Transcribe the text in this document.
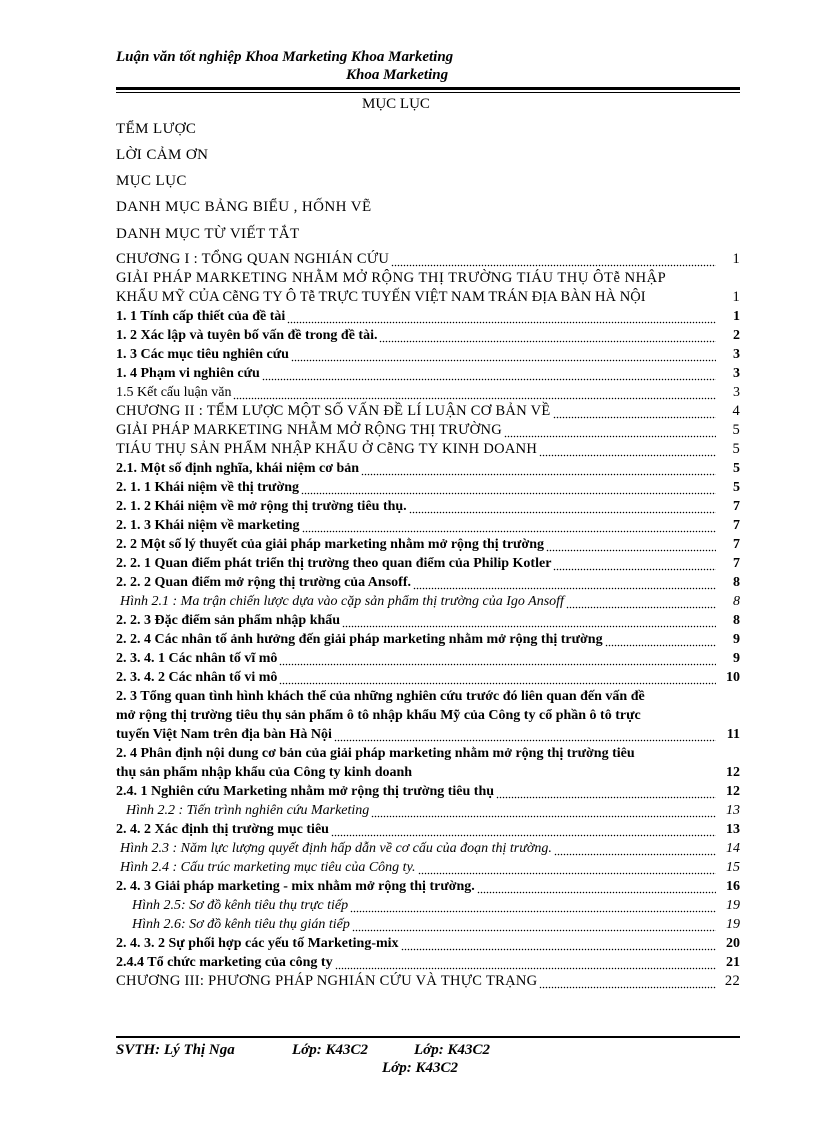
Luận văn tốt nghiệp Khoa Marketing Khoa Marketing
Khoa Marketing
MỤC LỤC
TỂM LƯỢC
LỜI CẢM ƠN
MỤC LỤC
DANH MỤC BẢNG BIỂU , HỐNH VẼ
DANH MỤC TỪ VIẾT TẮT
CHƯƠNG I : TỔNG QUAN NGHIÁN CỨU	1
GIẢI PHÁP MARKETING NHẰM MỞ RỘNG THỊ TRƯỜNG TIÁU THỤ ÔTễ NHẬP
KHẨU MỸ CỦA CễNG TY Ô Tễ TRỰC TUYẾN VIỆT NAM TRÁN ĐỊA BÀN HÀ NỘI	1
1. 1 Tính cấp thiết của đề tài	1
1. 2 Xác lập và tuyên bố vấn đề trong đề tài.	2
1. 3 Các mục tiêu nghiên cứu	3
1. 4 Phạm vi nghiên cứu	3
1.5 Kết cấu luận văn	3
CHƯƠNG II : TỂM LƯỢC MỘT SỐ VẤN ĐỀ LÍ LUẬN CƠ BẢN VỀ	4
GIẢI PHÁP MARKETING NHẰM MỞ RỘNG THỊ TRƯỜNG	5
TIÁU THỤ SẢN PHẨM NHẬP KHẨU Ở CễNG TY KINH DOANH	5
2.1. Một số định nghĩa, khái niệm cơ bản	5
2. 1. 1 Khái niệm về thị trường	5
2. 1. 2 Khái niệm về mở rộng thị trường tiêu thụ.	7
2. 1. 3 Khái niệm về marketing	7
2. 2 Một số lý thuyết của giải pháp marketing nhằm mở rộng thị trường	7
2. 2. 1 Quan điểm phát triển thị trường theo quan điểm của Philip Kotler	7
2. 2. 2 Quan điểm mở rộng thị trường của Ansoff.	8
Hình 2.1 : Ma trận chiến lược dựa vào cặp sản phẩm thị trường của Igo Ansoff	8
2. 2. 3 Đặc điểm sản phẩm nhập khẩu	8
2. 2. 4 Các nhân tố ảnh hưởng đến giải pháp marketing nhằm mở rộng thị trường	9
2. 3. 4. 1 Các nhân tố vĩ mô	9
2. 3. 4. 2 Các nhân tố vi mô	10
2. 3 Tổng quan tình hình khách thể của những nghiên cứu trước đó liên quan đến vấn đề
mở rộng thị trường tiêu thụ sản phẩm ô tô nhập khẩu Mỹ của Công ty cổ phần ô tô trực
tuyến Việt Nam trên địa bàn Hà Nội	11
2. 4 Phân định nội dung cơ bản của giải pháp marketing nhằm mở rộng thị trường tiêu
thụ sản phẩm nhập khẩu của Công ty kinh doanh	12
2.4. 1 Nghiên cứu Marketing nhằm mở rộng thị trường tiêu thụ	12
Hình 2.2 : Tiến trình nghiên cứu Marketing	13
2. 4. 2 Xác định thị trường mục tiêu	13
Hình 2.3 : Năm lực lượng quyết định hấp dẫn về cơ cấu của đoạn thị trường.	14
Hình 2.4 : Cấu trúc marketing mục tiêu của Công ty.	15
2. 4. 3 Giải pháp marketing - mix nhằm mở rộng thị trường.	16
Hình 2.5: Sơ đồ kênh tiêu thụ trực tiếp	19
Hình 2.6: Sơ đồ kênh tiêu thụ gián tiếp	19
2. 4. 3. 2 Sự phối hợp các yếu tố Marketing-mix	20
2.4.4 Tổ chức marketing của công ty	21
CHƯƠNG III: PHƯƠNG PHÁP NGHIÁN CỨU VÀ THỰC TRẠNG	22
SVTH: Lý Thị Nga	Lớp: K43C2	Lớp: K43C2
Lớp: K43C2
